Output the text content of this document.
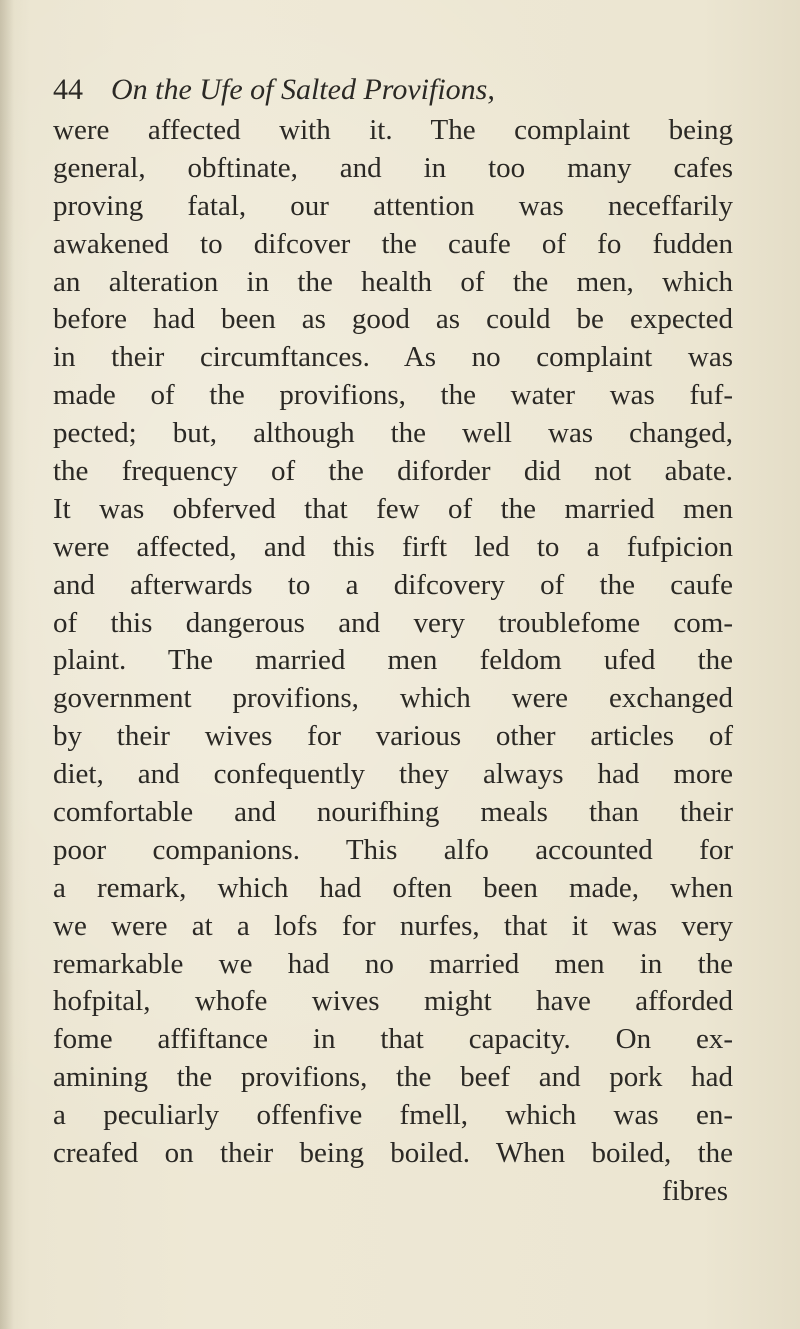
44 On the Ufe of Salted Provifions,
were affected with it. The complaint being
general, obftinate, and in too many cafes
proving fatal, our attention was neceffarily
awakened to difcover the caufe of fo fudden
an alteration in the health of the men, which
before had been as good as could be expected
in their circumftances. As no complaint was
made of the provifions, the water was fuf-
pected; but, although the well was changed,
the frequency of the diforder did not abate.
It was obferved that few of the married men
were affected, and this firft led to a fufpicion
and afterwards to a difcovery of the caufe
of this dangerous and very troublefome com-
plaint. The married men feldom ufed the
government provifions, which were exchanged
by their wives for various other articles of
diet, and confequently they always had more
comfortable and nourifhing meals than their
poor companions. This alfo accounted for
a remark, which had often been made, when
we were at a lofs for nurfes, that it was very
remarkable we had no married men in the
hofpital, whofe wives might have afforded
fome affiftance in that capacity. On ex-
amining the provifions, the beef and pork had
a peculiarly offenfive fmell, which was en-
creafed on their being boiled. When boiled, the
fibres
